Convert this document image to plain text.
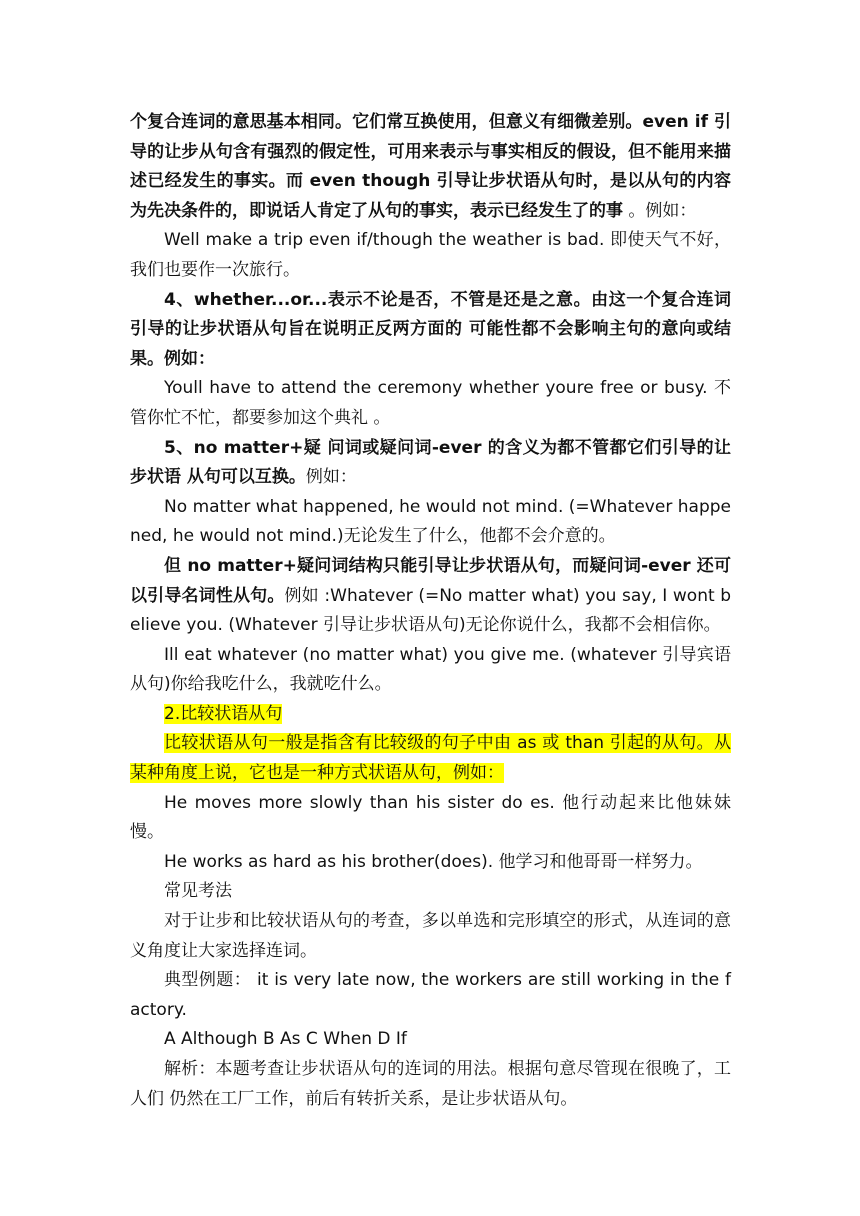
个复合连词的意思基本相同。它们常互换使用，但意义有细微差别。even if 引导的让步从句含有强烈的假定性，可用来表示与事实相反的假设，但不能用来描述已经发生的事实。而 even though 引导让步状语从句时，是以从句的内容为先决条件的，即说话人肯定了从句的事实，表示已经发生了的事 。例如：

Well make a trip even if/though the weather is bad. 即使天气不好，我们也要作一次旅行。

4、whether...or...表示不论是否，不管是还是之意。由这一个复合连词引导的让步状语从句旨在说明正反两方面的 可能性都不会影响主句的意向或结果。例如：

Youll have to attend the ceremony whether youre free or busy. 不管你忙不忙，都要参加这个典礼 。

5、no matter+疑 问词或疑问词-ever 的含义为都不管都它们引导的让步状语 从句可以互换。例如：

No matter what happened, he would not mind. (=Whatever happened, he would not mind.)无论发生了什么，他都不会介意的。

但 no matter+疑问词结构只能引导让步状语从句，而疑问词-ever 还可以引导名词性从句。例如 :Whatever (=No matter what) you say, I wont believe you. (Whatever 引导让步状语从句)无论你说什么，我都不会相信你。

Ill eat whatever (no matter what) you give me. (whatever 引导宾语从句)你给我吃什么，我就吃什么。

2.比较状语从句

比较状语从句一般是指含有比较级的句子中由 as 或 than 引起的从句。从某种角度上说，它也是一种方式状语从句，例如：

He moves more slowly than his sister do es. 他行动起来比他妹妹慢。

He works as hard as his brother(does). 他学习和他哥哥一样努力。

常见考法

对于让步和比较状语从句的考查，多以单选和完形填空的形式，从连词的意义角度让大家选择连词。

典型例题： it is very late now, the workers are still working in the factory.

A Although B As C When D If

解析：本题考查让步状语从句的连词的用法。根据句意尽管现在很晚了，工人们 仍然在工厂工作，前后有转折关系，是让步状语从句。
